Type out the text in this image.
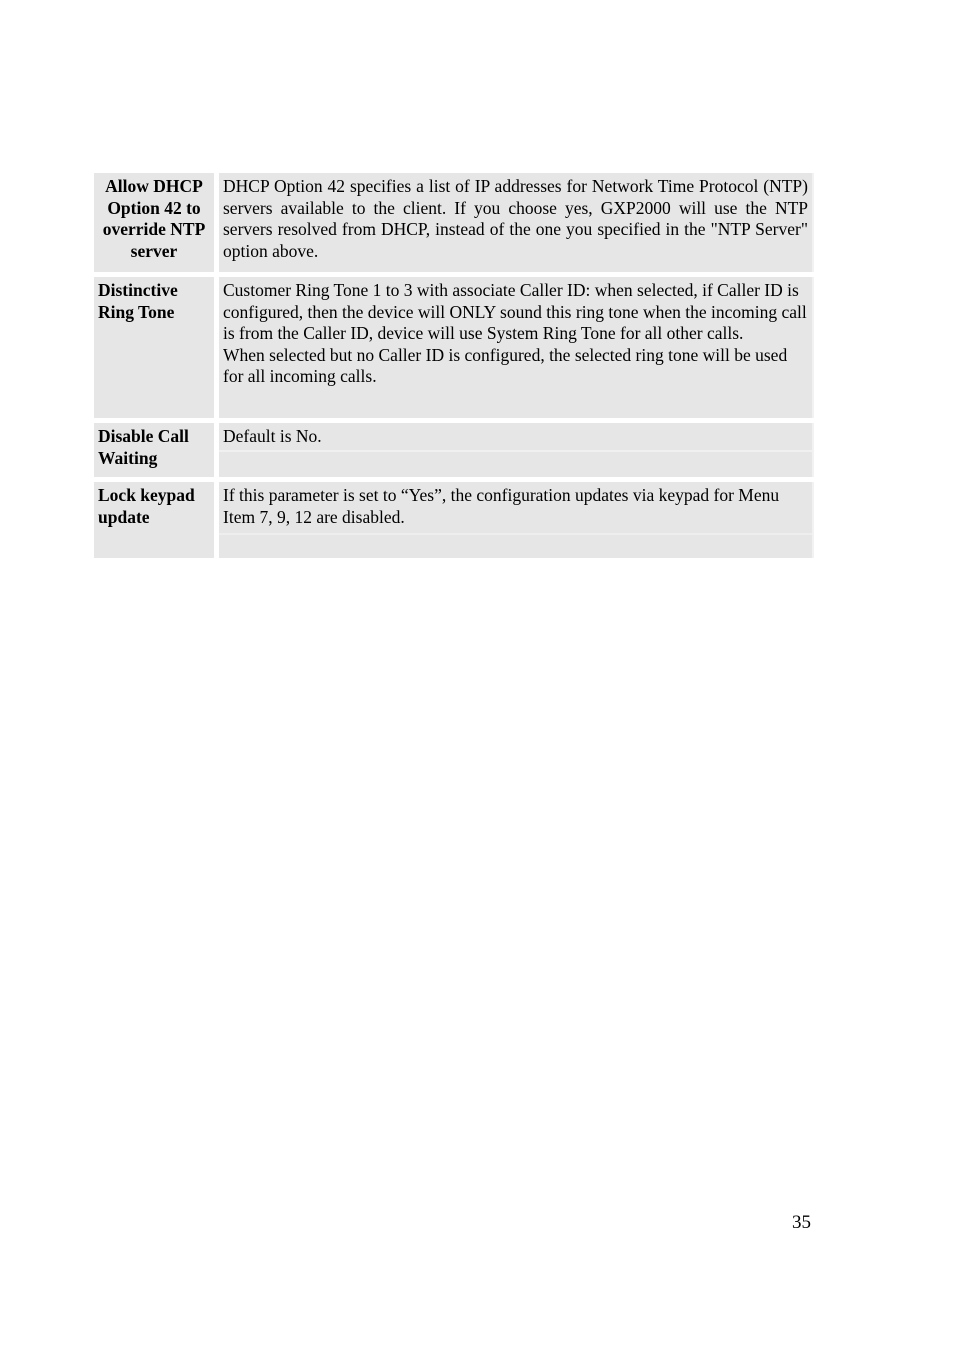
Allow DHCP Option 42 to override NTP server

DHCP Option 42 specifies a list of IP addresses for Network Time Protocol (NTP) servers available to the client. If you choose yes, GXP2000 will use the NTP servers resolved from DHCP, instead of the one you specified in the "NTP Server" option above.

Distinctive Ring Tone

Customer Ring Tone 1 to 3 with associate Caller ID: when selected, if Caller ID is configured, then the device will ONLY sound this ring tone when the incoming call is from the Caller ID, device will use System Ring Tone for all other calls.

When selected but no Caller ID is configured, the selected ring tone will be used for all incoming calls.

Disable Call Waiting

Default is No.

Lock keypad update

If this parameter is set to “Yes”, the configuration updates via keypad for Menu Item 7, 9, 12 are disabled.

35
